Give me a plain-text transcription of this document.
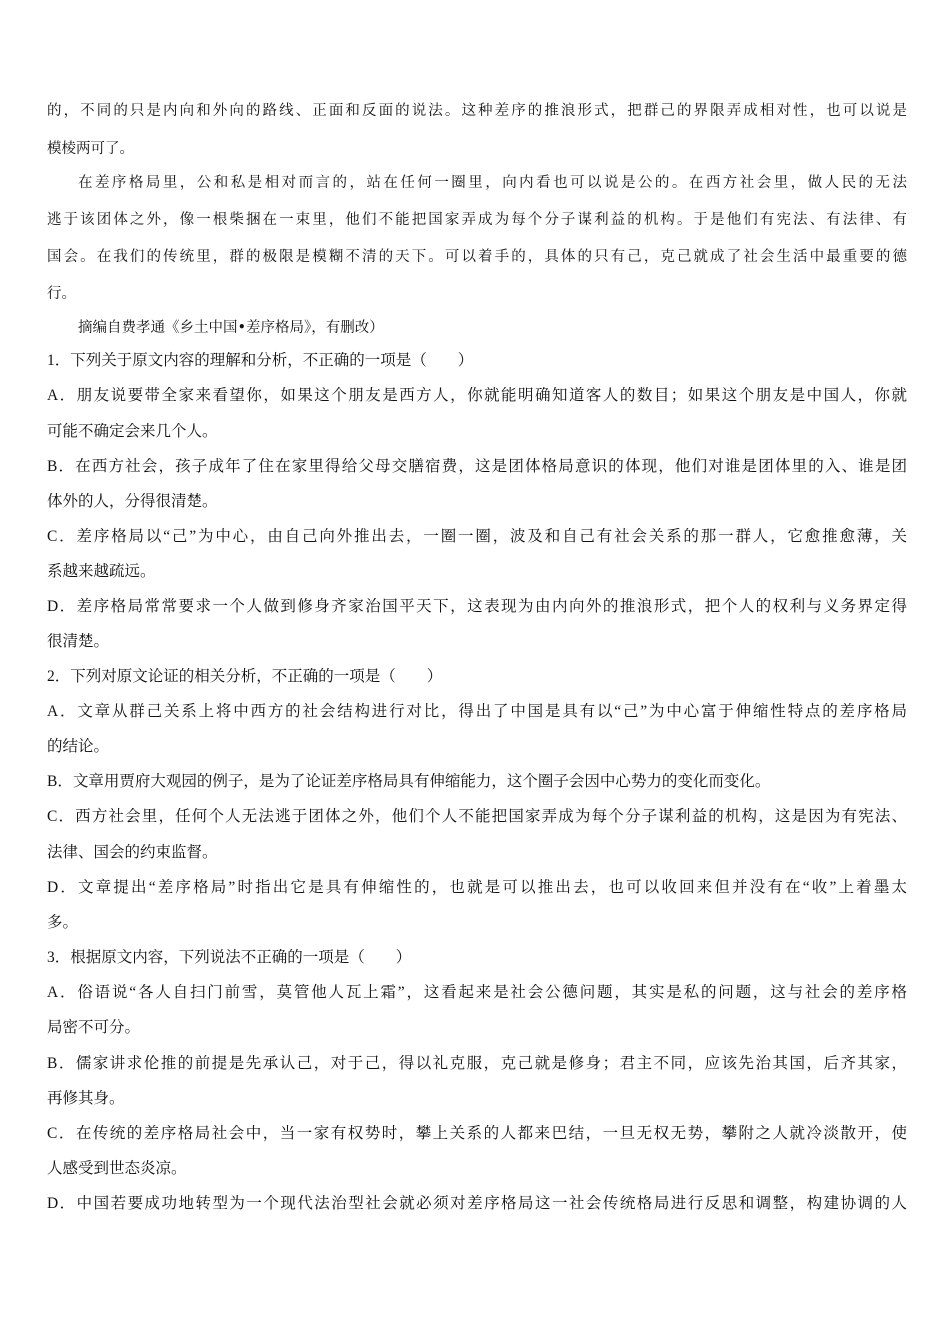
的，不同的只是内向和外向的路线、正面和反面的说法。这种差序的推浪形式，把群己的界限弄成相对性，也可以说是
模棱两可了。
在差序格局里，公和私是相对而言的，站在任何一圈里，向内看也可以说是公的。在西方社会里，做人民的无法
逃于该团体之外，像一根柴捆在一束里，他们不能把国家弄成为每个分子谋利益的机构。于是他们有宪法、有法律、有
国会。在我们的传统里，群的极限是模糊不清的天下。可以着手的，具体的只有己，克己就成了社会生活中最重要的德
行。
摘编自费孝通《乡土中国•差序格局》，有删改）
1．下列关于原文内容的理解和分析，不正确的一项是（　　）
A．朋友说要带全家来看望你，如果这个朋友是西方人，你就能明确知道客人的数目；如果这个朋友是中国人，你就
可能不确定会来几个人。
B．在西方社会，孩子成年了住在家里得给父母交膳宿费，这是团体格局意识的体现，他们对谁是团体里的入、谁是团
体外的人，分得很清楚。
C．差序格局以“己”为中心，由自己向外推出去，一圈一圈，波及和自己有社会关系的那一群人，它愈推愈薄，关
系越来越疏远。
D．差序格局常常要求一个人做到修身齐家治国平天下，这表现为由内向外的推浪形式，把个人的权利与义务界定得
很清楚。
2．下列对原文论证的相关分析，不正确的一项是（　　）
A．文章从群己关系上将中西方的社会结构进行对比，得出了中国是具有以“己”为中心富于伸缩性特点的差序格局
的结论。
B．文章用贾府大观园的例子，是为了论证差序格局具有伸缩能力，这个圈子会因中心势力的变化而变化。
C．西方社会里，任何个人无法逃于团体之外，他们个人不能把国家弄成为每个分子谋利益的机构，这是因为有宪法、
法律、国会的约束监督。
D．文章提出“差序格局”时指出它是具有伸缩性的，也就是可以推出去，也可以收回来但并没有在“收”上着墨太
多。
3．根据原文内容，下列说法不正确的一项是（　　）
A．俗语说“各人自扫门前雪，莫管他人瓦上霜”，这看起来是社会公德问题，其实是私的问题，这与社会的差序格
局密不可分。
B．儒家讲求伦推的前提是先承认己，对于己，得以礼克服，克己就是修身；君主不同，应该先治其国，后齐其家，
再修其身。
C．在传统的差序格局社会中，当一家有权势时，攀上关系的人都来巴结，一旦无权无势，攀附之人就冷淡散开，使
人感受到世态炎凉。
D．中国若要成功地转型为一个现代法治型社会就必须对差序格局这一社会传统格局进行反思和调整，构建协调的人
